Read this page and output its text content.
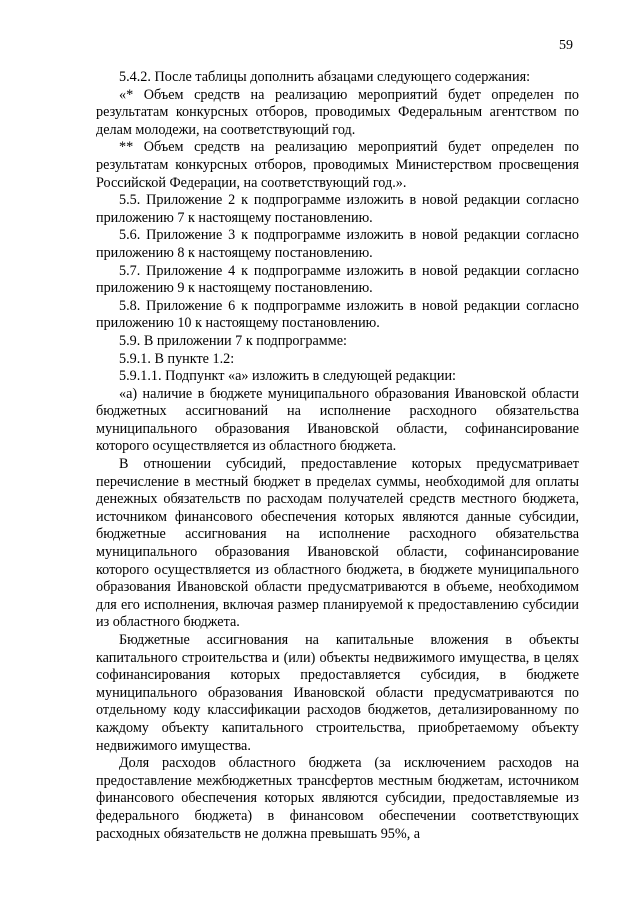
59

5.4.2. После таблицы дополнить абзацами следующего содержания:

«* Объем средств на реализацию мероприятий будет определен по результатам конкурсных отборов, проводимых Федеральным агентством по делам молодежи, на соответствующий год.

** Объем средств на реализацию мероприятий будет определен по результатам конкурсных отборов, проводимых Министерством просвещения Российской Федерации, на соответствующий год.».

5.5. Приложение 2 к подпрограмме изложить в новой редакции согласно приложению 7 к настоящему постановлению.

5.6. Приложение 3 к подпрограмме изложить в новой редакции согласно приложению 8 к настоящему постановлению.

5.7. Приложение 4 к подпрограмме изложить в новой редакции согласно приложению 9 к настоящему постановлению.

5.8. Приложение 6 к подпрограмме изложить в новой редакции согласно приложению 10 к настоящему постановлению.

5.9. В приложении 7 к подпрограмме:

5.9.1. В пункте 1.2:

5.9.1.1. Подпункт «а» изложить в следующей редакции:

«а) наличие в бюджете муниципального образования Ивановской области бюджетных ассигнований на исполнение расходного обязательства муниципального образования Ивановской области, софинансирование которого осуществляется из областного бюджета.

В отношении субсидий, предоставление которых предусматривает перечисление в местный бюджет в пределах суммы, необходимой для оплаты денежных обязательств по расходам получателей средств местного бюджета, источником финансового обеспечения которых являются данные субсидии, бюджетные ассигнования на исполнение расходного обязательства муниципального образования Ивановской области, софинансирование которого осуществляется из областного бюджета, в бюджете муниципального образования Ивановской области предусматриваются в объеме, необходимом для его исполнения, включая размер планируемой к предоставлению субсидии из областного бюджета.

Бюджетные ассигнования на капитальные вложения в объекты капитального строительства и (или) объекты недвижимого имущества, в целях софинансирования которых предоставляется субсидия, в бюджете муниципального образования Ивановской области предусматриваются по отдельному коду классификации расходов бюджетов, детализированному по каждому объекту капитального строительства, приобретаемому объекту недвижимого имущества.

Доля расходов областного бюджета (за исключением расходов на предоставление межбюджетных трансфертов местным бюджетам, источником финансового обеспечения которых являются субсидии, предоставляемые из федерального бюджета) в финансовом обеспечении соответствующих расходных обязательств не должна превышать 95%, а
